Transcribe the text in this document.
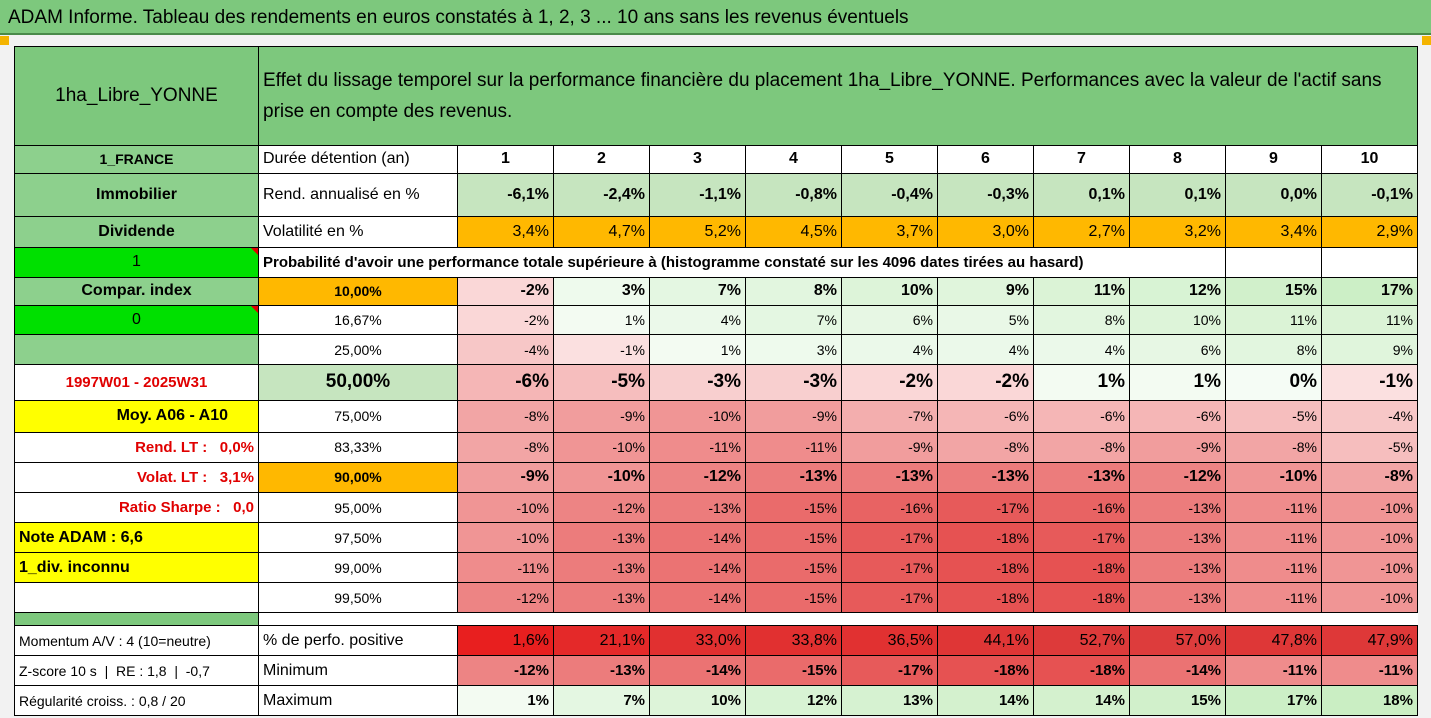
ADAM Informe. Tableau des rendements en euros constatés à 1, 2, 3 ... 10 ans sans les revenus éventuels
1ha_Libre_YONNE	Effet du lissage temporel sur la performance financière du placement 1ha_Libre_YONNE. Performances avec la valeur de l'actif sans prise en compte des revenus.										
1_FRANCE	Durée détention (an)	1	2	3	4	5	6	7	8	9	10
Immobilier	Rend. annualisé en %	-6,1%	-2,4%	-1,1%	-0,8%	-0,4%	-0,3%	0,1%	0,1%	0,0%	-0,1%
Dividende	Volatilité en %	3,4%	4,7%	5,2%	4,5%	3,7%	3,0%	2,7%	3,2%	3,4%	2,9%
1	Probabilité d'avoir une performance totale supérieure à (histogramme constaté sur les 4096 dates tirées au hasard)										
Compar. index	10,00%	-2%	3%	7%	8%	10%	9%	11%	12%	15%	17%
0	16,67%	-2%	1%	4%	7%	6%	5%	8%	10%	11%	11%
	25,00%	-4%	-1%	1%	3%	4%	4%	4%	6%	8%	9%
1997W01 - 2025W31	50,00%	-6%	-5%	-3%	-3%	-2%	-2%	1%	1%	0%	-1%
Moy. A06 - A10	75,00%	-8%	-9%	-10%	-9%	-7%	-6%	-6%	-6%	-5%	-4%
Rend. LT :   0,0%	83,33%	-8%	-10%	-11%	-11%	-9%	-8%	-8%	-9%	-8%	-5%
Volat. LT :   3,1%	90,00%	-9%	-10%	-12%	-13%	-13%	-13%	-13%	-12%	-10%	-8%
Ratio Sharpe :   0,0	95,00%	-10%	-12%	-13%	-15%	-16%	-17%	-16%	-13%	-11%	-10%
Note ADAM : 6,6	97,50%	-10%	-13%	-14%	-15%	-17%	-18%	-17%	-13%	-11%	-10%
1_div. inconnu	99,00%	-11%	-13%	-14%	-15%	-17%	-18%	-18%	-13%	-11%	-10%
	99,50%	-12%	-13%	-14%	-15%	-17%	-18%	-18%	-13%	-11%	-10%

Momentum A/V : 4 (10=neutre)	% de perfo. positive	1,6%	21,1%	33,0%	33,8%	36,5%	44,1%	52,7%	57,0%	47,8%	47,9%
Z-score 10 s  |  RE : 1,8  |  -0,7	Minimum	-12%	-13%	-14%	-15%	-17%	-18%	-18%	-14%	-11%	-11%
Régularité croiss. : 0,8 / 20	Maximum	1%	7%	10%	12%	13%	14%	14%	15%	17%	18%
